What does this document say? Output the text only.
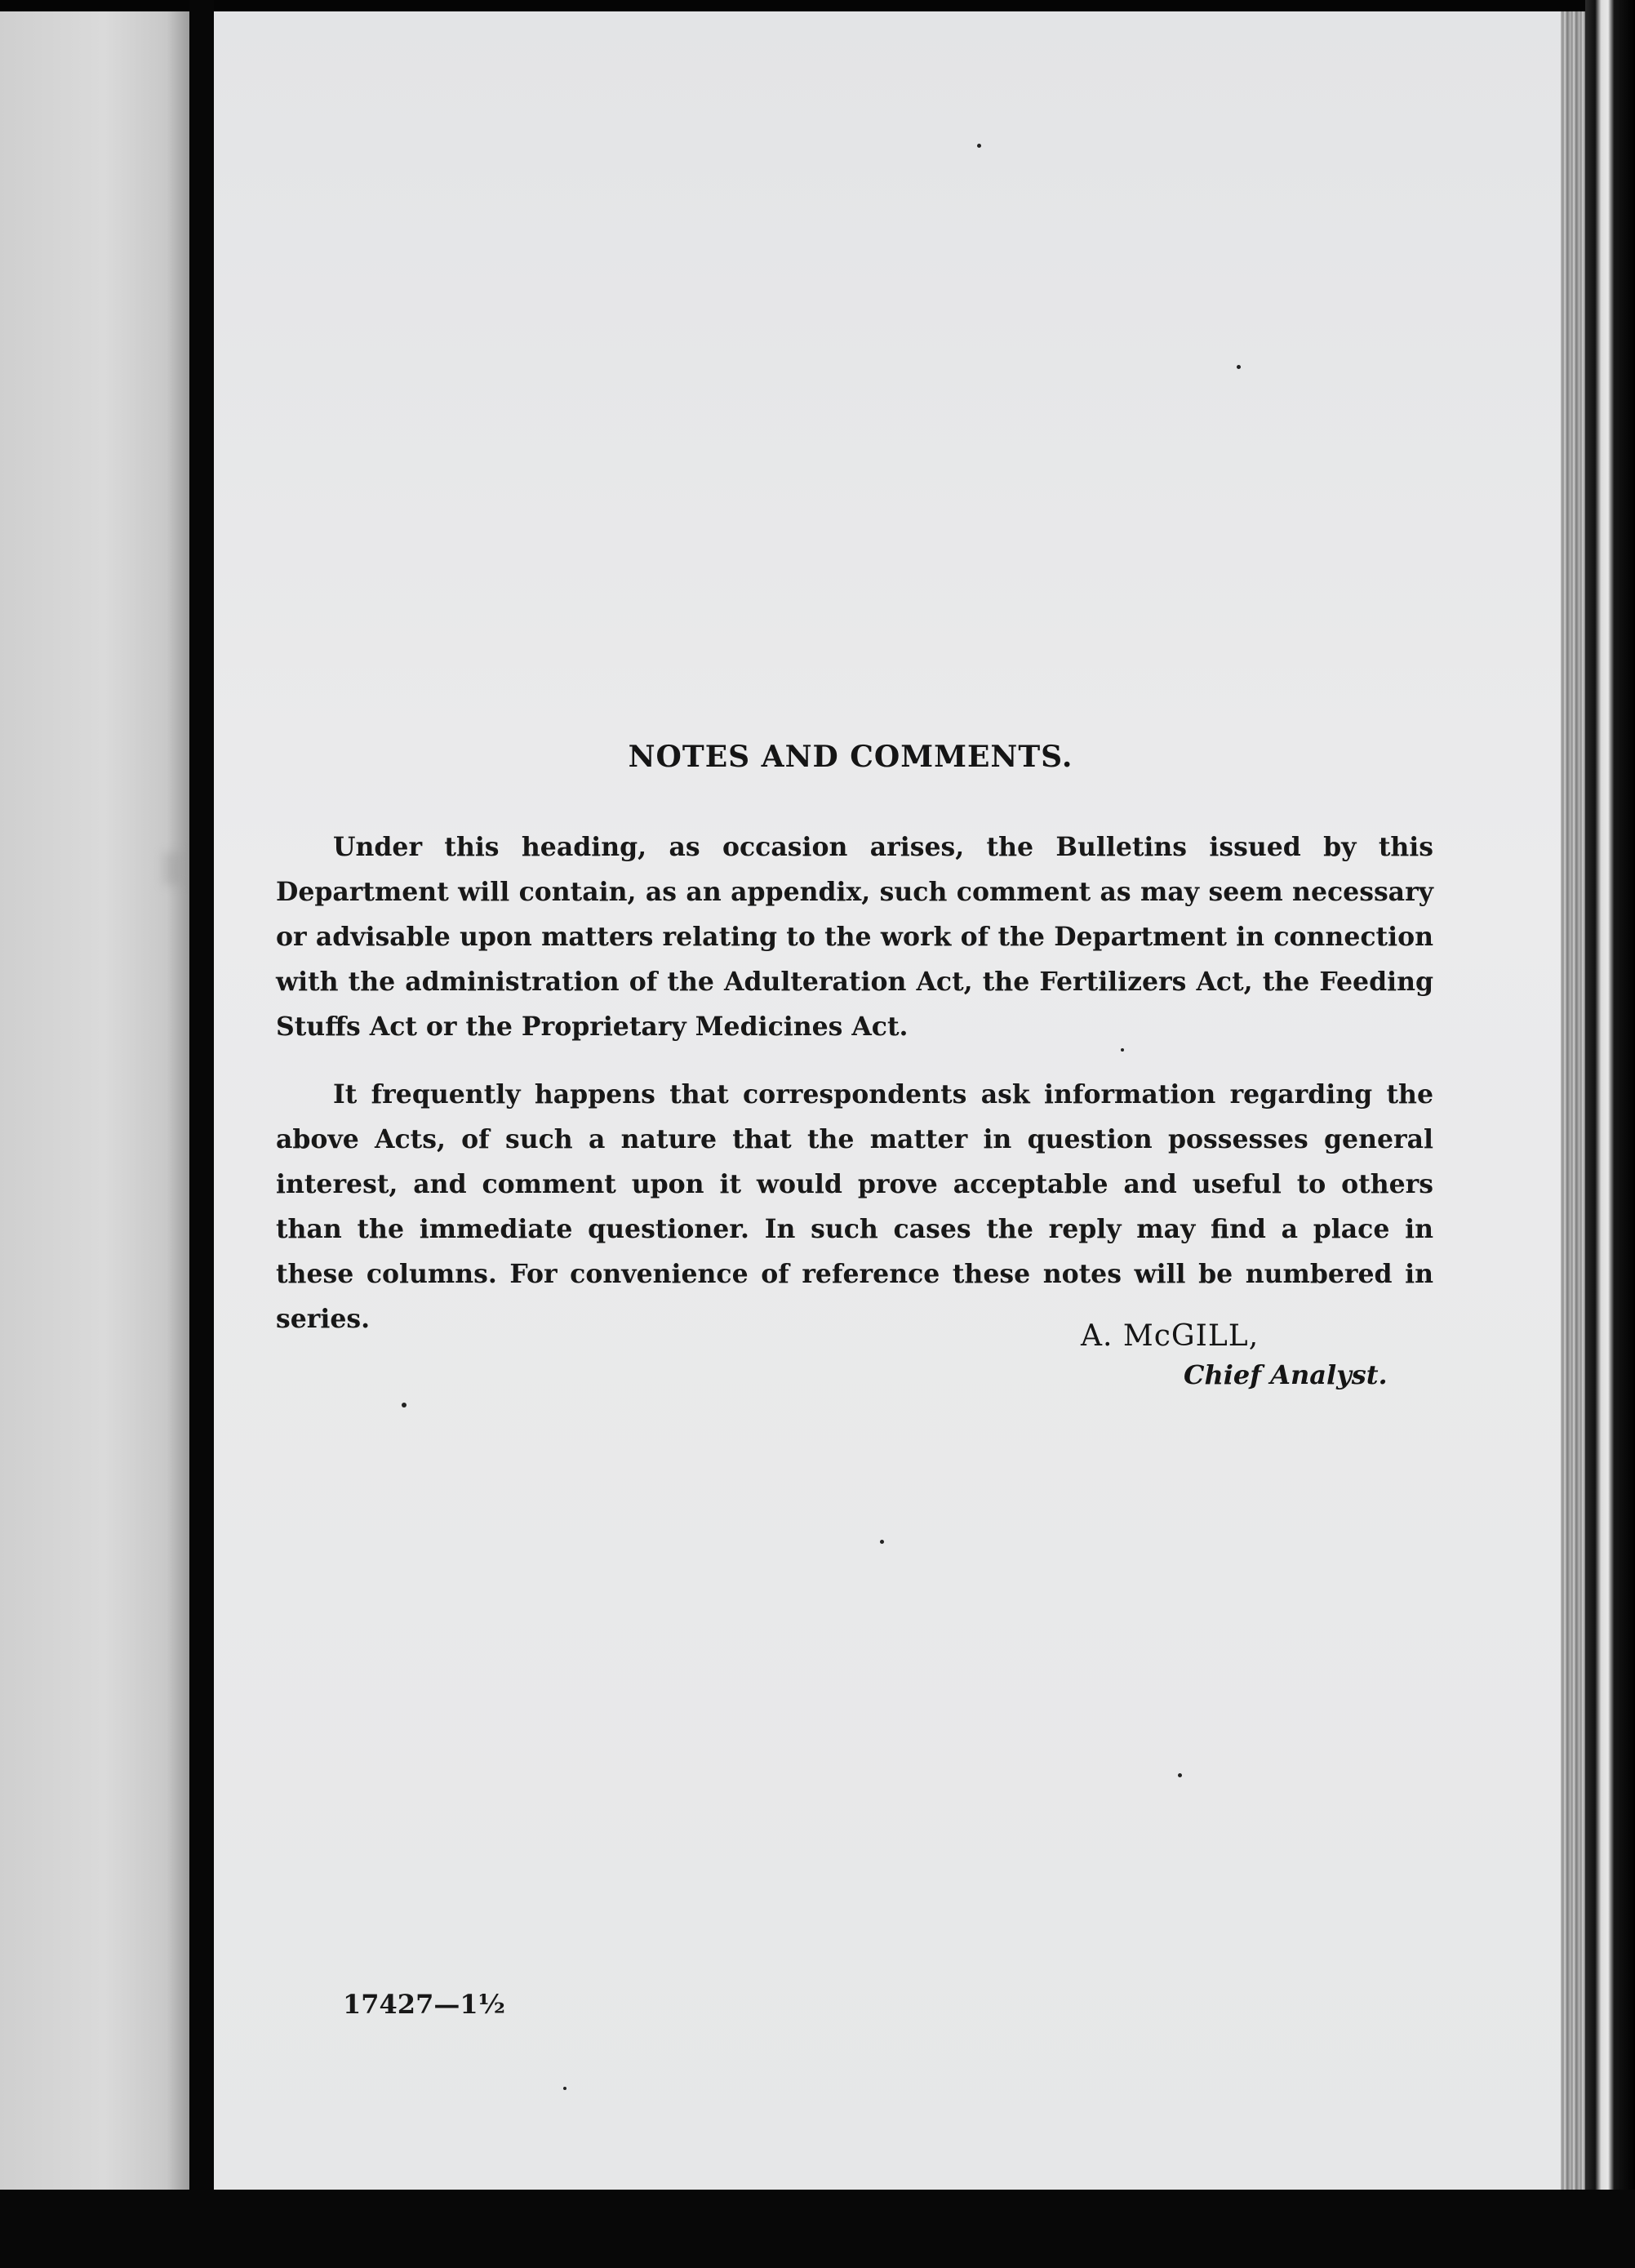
NOTES AND COMMENTS.

Under this heading, as occasion arises, the Bulletins issued by this Department will contain, as an appendix, such comment as may seem necessary or advisable upon matters relating to the work of the Department in connection with the administration of the Adulteration Act, the Fertilizers Act, the Feeding Stuffs Act or the Proprietary Medicines Act.

It frequently happens that correspondents ask information regarding the above Acts, of such a nature that the matter in question possesses general interest, and comment upon it would prove acceptable and useful to others than the immediate questioner. In such cases the reply may find a place in these columns. For convenience of reference these notes will be numbered in series.

A. McGILL,
Chief Analyst.
17427—1½
